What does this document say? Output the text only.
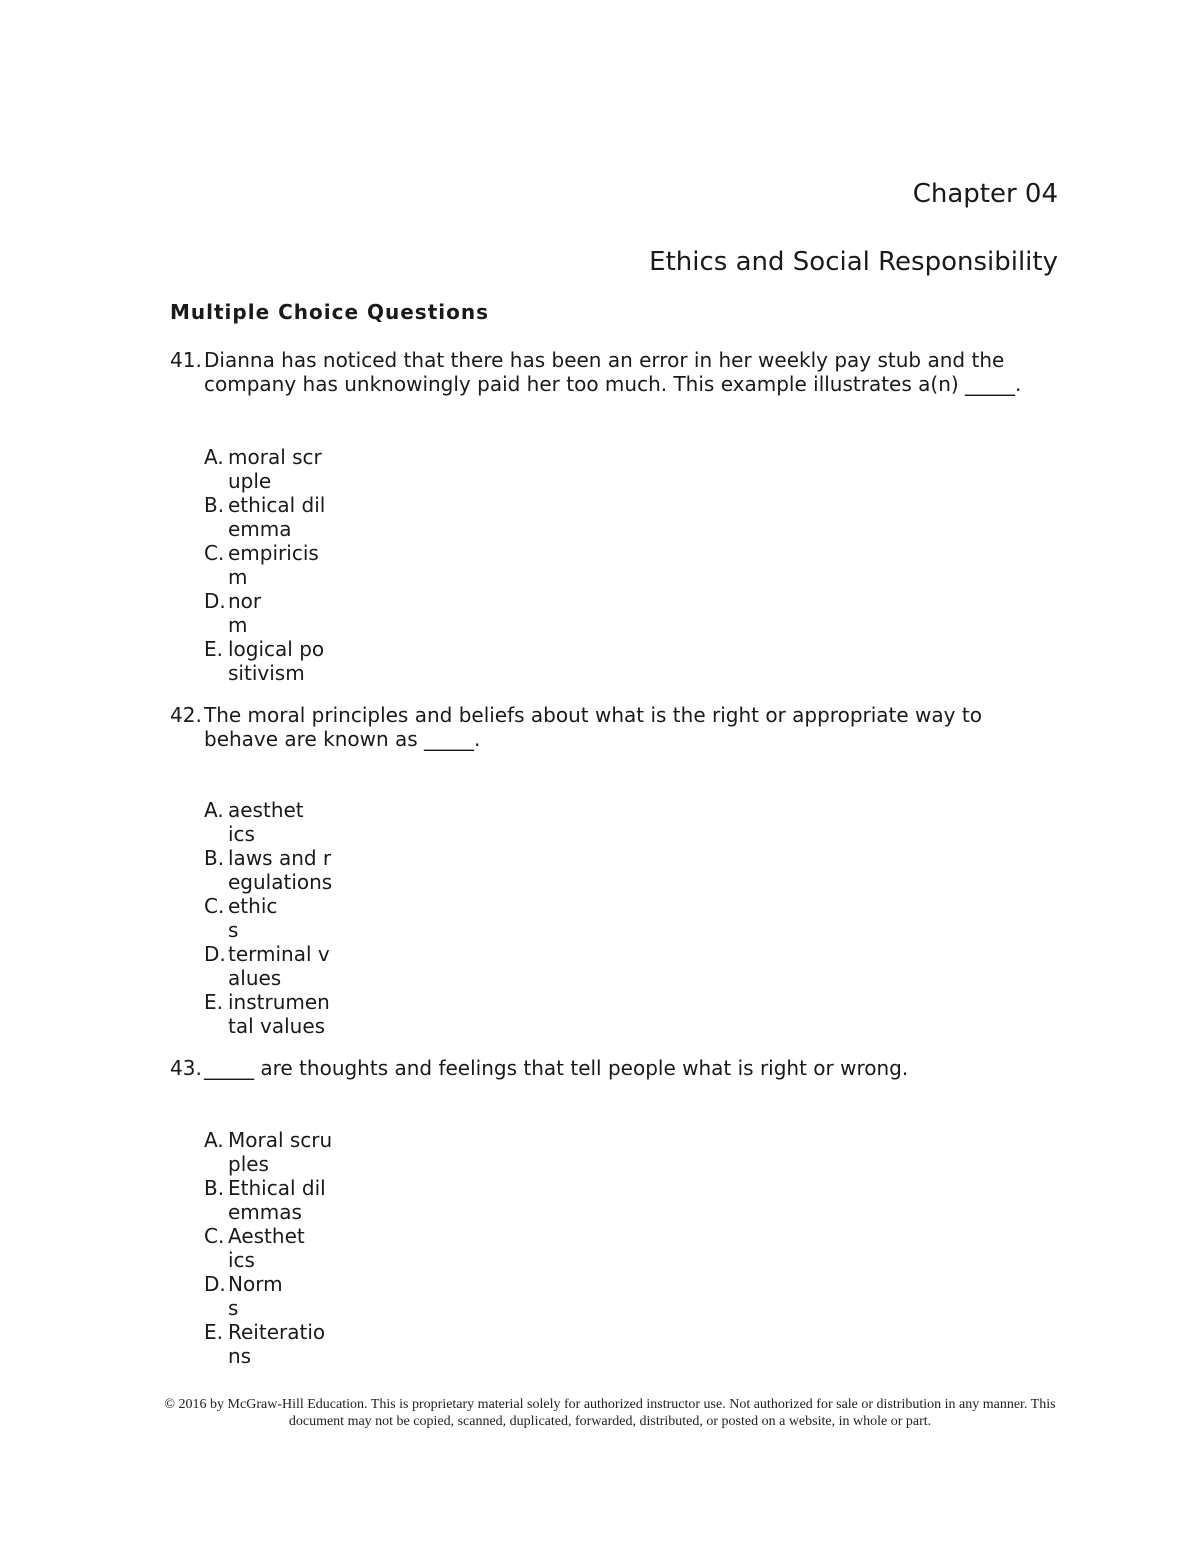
Chapter 04
Ethics and Social Responsibility
Multiple Choice Questions
41. Dianna has noticed that there has been an error in her weekly pay stub and the company has unknowingly paid her too much. This example illustrates a(n) _____.
A. moral scruple
B. ethical dilemma
C. empiricism
D. norm
E. logical positivism
42. The moral principles and beliefs about what is the right or appropriate way to behave are known as _____.
A. aesthetics
B. laws and regulations
C. ethics
D. terminal values
E. instrumental values
43. _____ are thoughts and feelings that tell people what is right or wrong.
A. Moral scruples
B. Ethical dilemmas
C. Aesthetics
D. Norms
E. Reiterations
© 2016 by McGraw-Hill Education. This is proprietary material solely for authorized instructor use. Not authorized for sale or distribution in any manner. This document may not be copied, scanned, duplicated, forwarded, distributed, or posted on a website, in whole or part.
